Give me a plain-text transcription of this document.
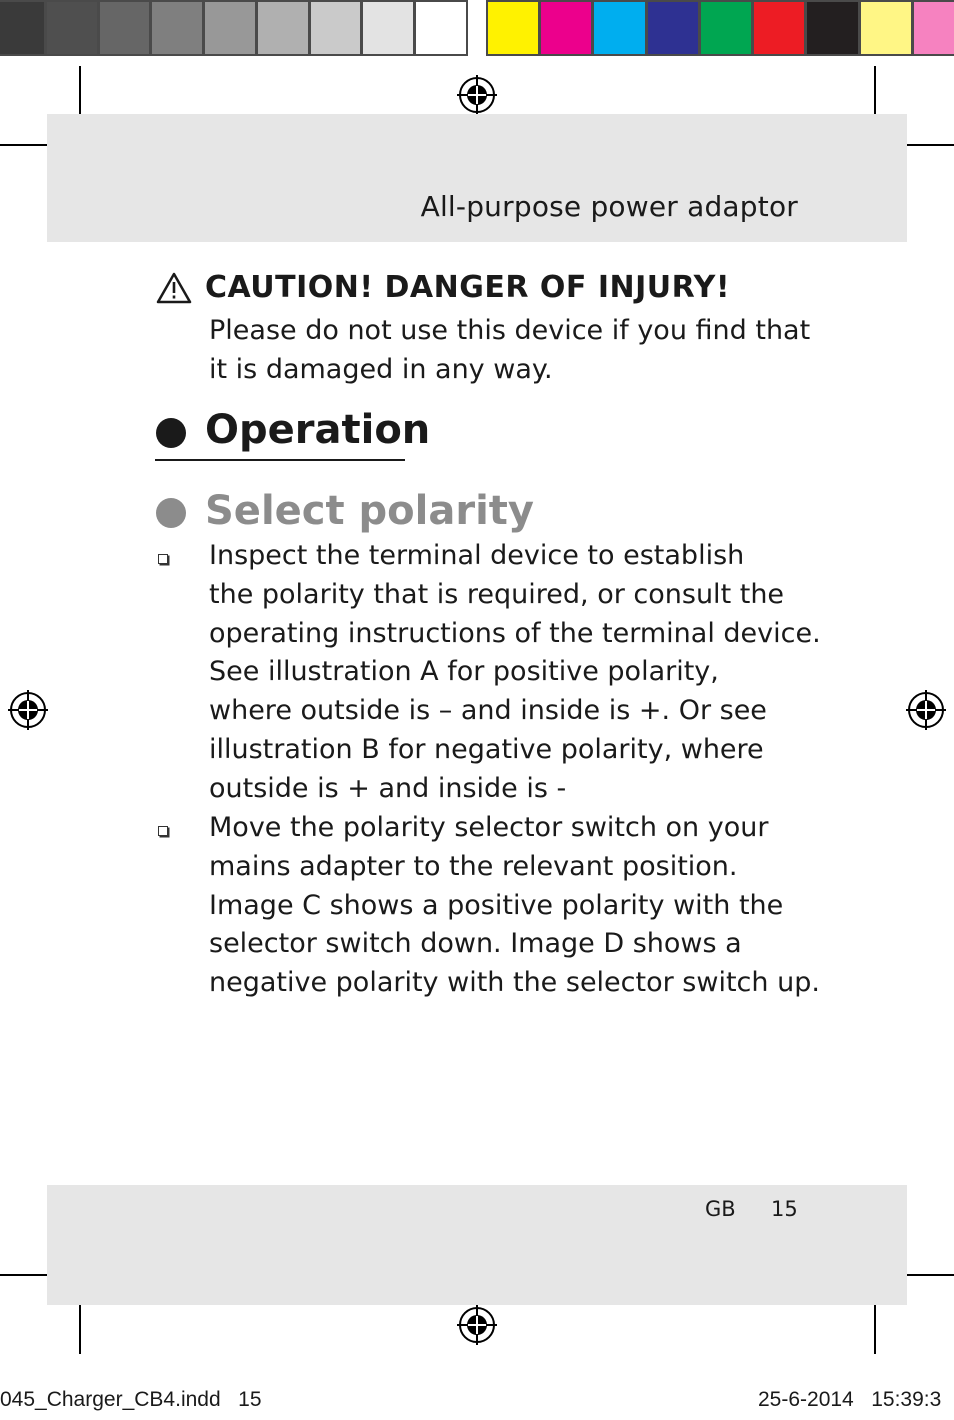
All-purpose power adaptor
CAUTION! DANGER OF INJURY!
Please do not use this device if you find that
it is damaged in any way.
Operation
Select polarity
Inspect the terminal device to establish
the polarity that is required, or consult the
operating instructions of the terminal device.
See illustration A for positive polarity,
where outside is – and inside is +. Or see
illustration B for negative polarity, where
outside is + and inside is -
Move the polarity selector switch on your
mains adapter to the relevant position.
Image C shows a positive polarity with the
selector switch down. Image D shows a
negative polarity with the selector switch up.
GB 15
045_Charger_CB4.indd   15	25-6-2014   15:39:3
